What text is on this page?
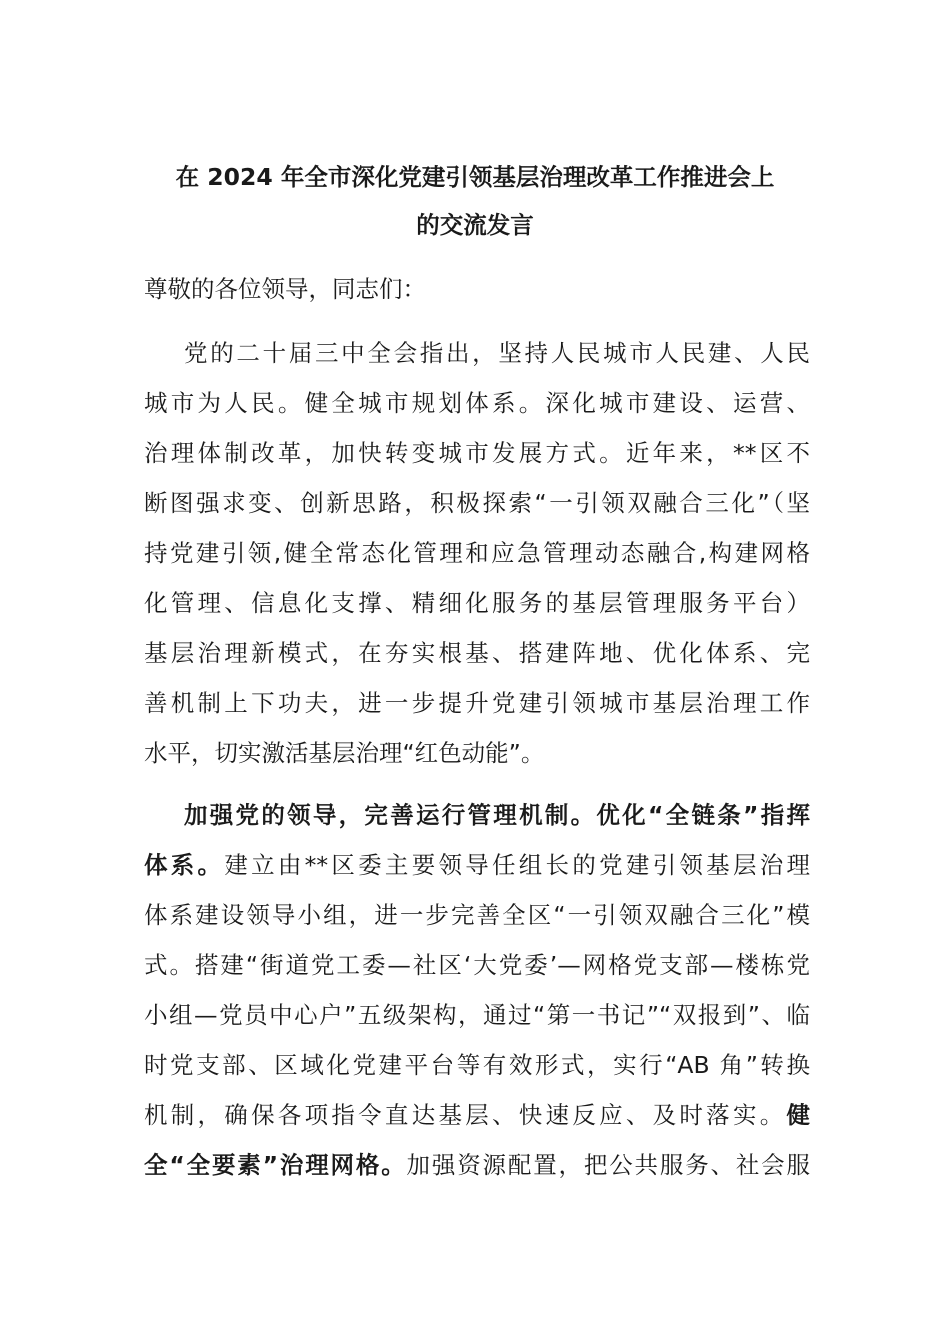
在 2024 年全市深化党建引领基层治理改革工作推进会上
的交流发言
尊敬的各位领导，同志们：
党的二十届三中全会指出，坚持人民城市人民建、人民
城市为人民。健全城市规划体系。深化城市建设、运营、
治理体制改革，加快转变城市发展方式。近年来，**区不
断图强求变、创新思路，积极探索“一引领双融合三化”（坚
持党建引领,健全常态化管理和应急管理动态融合,构建网格
化管理、信息化支撑、精细化服务的基层管理服务平台）
基层治理新模式，在夯实根基、搭建阵地、优化体系、完
善机制上下功夫，进一步提升党建引领城市基层治理工作
水平，切实激活基层治理“红色动能”。
加强党的领导，完善运行管理机制。优化“全链条”指挥
体系。建立由**区委主要领导任组长的党建引领基层治理
体系建设领导小组，进一步完善全区“一引领双融合三化”模
式。搭建“街道党工委—社区‘大党委’—网格党支部—楼栋党
小组—党员中心户”五级架构，通过“第一书记”“双报到”、临
时党支部、区域化党建平台等有效形式，实行“AB 角”转换
机制，确保各项指令直达基层、快速反应、及时落实。健
全“全要素”治理网格。加强资源配置，把公共服务、社会服
